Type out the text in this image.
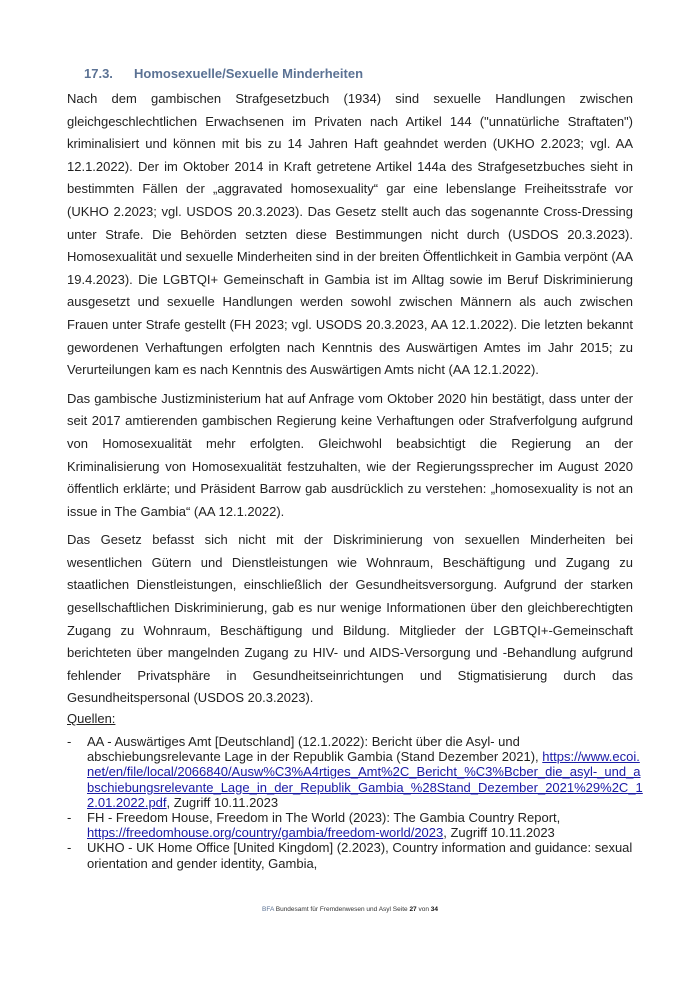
17.3. Homosexuelle/Sexuelle Minderheiten

Nach dem gambischen Strafgesetzbuch (1934) sind sexuelle Handlungen zwischen gleichgeschlechtlichen Erwachsenen im Privaten nach Artikel 144 ("unnatürliche Straftaten") kriminalisiert und können mit bis zu 14 Jahren Haft geahndet werden (UKHO 2.2023; vgl. AA 12.1.2022). Der im Oktober 2014 in Kraft getretene Artikel 144a des Strafgesetzbuches sieht in bestimmten Fällen der „aggravated homosexuality“ gar eine lebenslange Freiheitsstrafe vor (UKHO 2.2023; vgl. USDOS 20.3.2023). Das Gesetz stellt auch das sogenannte Cross-Dressing unter Strafe. Die Behörden setzten diese Bestimmungen nicht durch (USDOS 20.3.2023). Homosexualität und sexuelle Minderheiten sind in der breiten Öffentlichkeit in Gambia verpönt (AA 19.4.2023). Die LGBTQI+ Gemeinschaft in Gambia ist im Alltag sowie im Beruf Diskriminierung ausgesetzt und sexuelle Handlungen werden sowohl zwischen Männern als auch zwischen Frauen unter Strafe gestellt (FH 2023; vgl. USODS 20.3.2023, AA 12.1.2022). Die letzten bekannt gewordenen Verhaftungen erfolgten nach Kenntnis des Auswärtigen Amtes im Jahr 2015; zu Verurteilungen kam es nach Kenntnis des Auswärtigen Amts nicht (AA 12.1.2022).

Das gambische Justizministerium hat auf Anfrage vom Oktober 2020 hin bestätigt, dass unter der seit 2017 amtierenden gambischen Regierung keine Verhaftungen oder Strafverfolgung aufgrund von Homosexualität mehr erfolgten. Gleichwohl beabsichtigt die Regierung an der Kriminalisierung von Homosexualität festzuhalten, wie der Regierungssprecher im August 2020 öffentlich erklärte; und Präsident Barrow gab ausdrücklich zu verstehen: „homosexuality is not an issue in The Gambia“ (AA 12.1.2022).

Das Gesetz befasst sich nicht mit der Diskriminierung von sexuellen Minderheiten bei wesentlichen Gütern und Dienstleistungen wie Wohnraum, Beschäftigung und Zugang zu staatlichen Dienstleistungen, einschließlich der Gesundheitsversorgung. Aufgrund der starken gesellschaftlichen Diskriminierung, gab es nur wenige Informationen über den gleichberechtigten Zugang zu Wohnraum, Beschäftigung und Bildung. Mitglieder der LGBTQI+-Gemeinschaft berichteten über mangelnden Zugang zu HIV- und AIDS-Versorgung und -Behandlung aufgrund fehlender Privatsphäre in Gesundheitseinrichtungen und Stigmatisierung durch das Gesundheitspersonal (USDOS 20.3.2023).

Quellen:
- AA - Auswärtiges Amt [Deutschland] (12.1.2022): Bericht über die Asyl- und abschiebungsrelevante Lage in der Republik Gambia (Stand Dezember 2021), https://www.ecoi.net/en/file/local/2066840/Ausw%C3%A4rtiges_Amt%2C_Bericht_%C3%Bcber_die_asyl-_und_abschiebungsrelevante_Lage_in_der_Republik_Gambia_%28Stand_Dezember_2021%29%2C_12.01.2022.pdf, Zugriff 10.11.2023
- FH - Freedom House, Freedom in The World (2023): The Gambia Country Report, https://freedomhouse.org/country/gambia/freedom-world/2023, Zugriff 10.11.2023
- UKHO - UK Home Office [United Kingdom] (2.2023), Country information and guidance: sexual orientation and gender identity, Gambia,
BFA Bundesamt für Fremdenwesen und Asyl Seite 27 von 34
